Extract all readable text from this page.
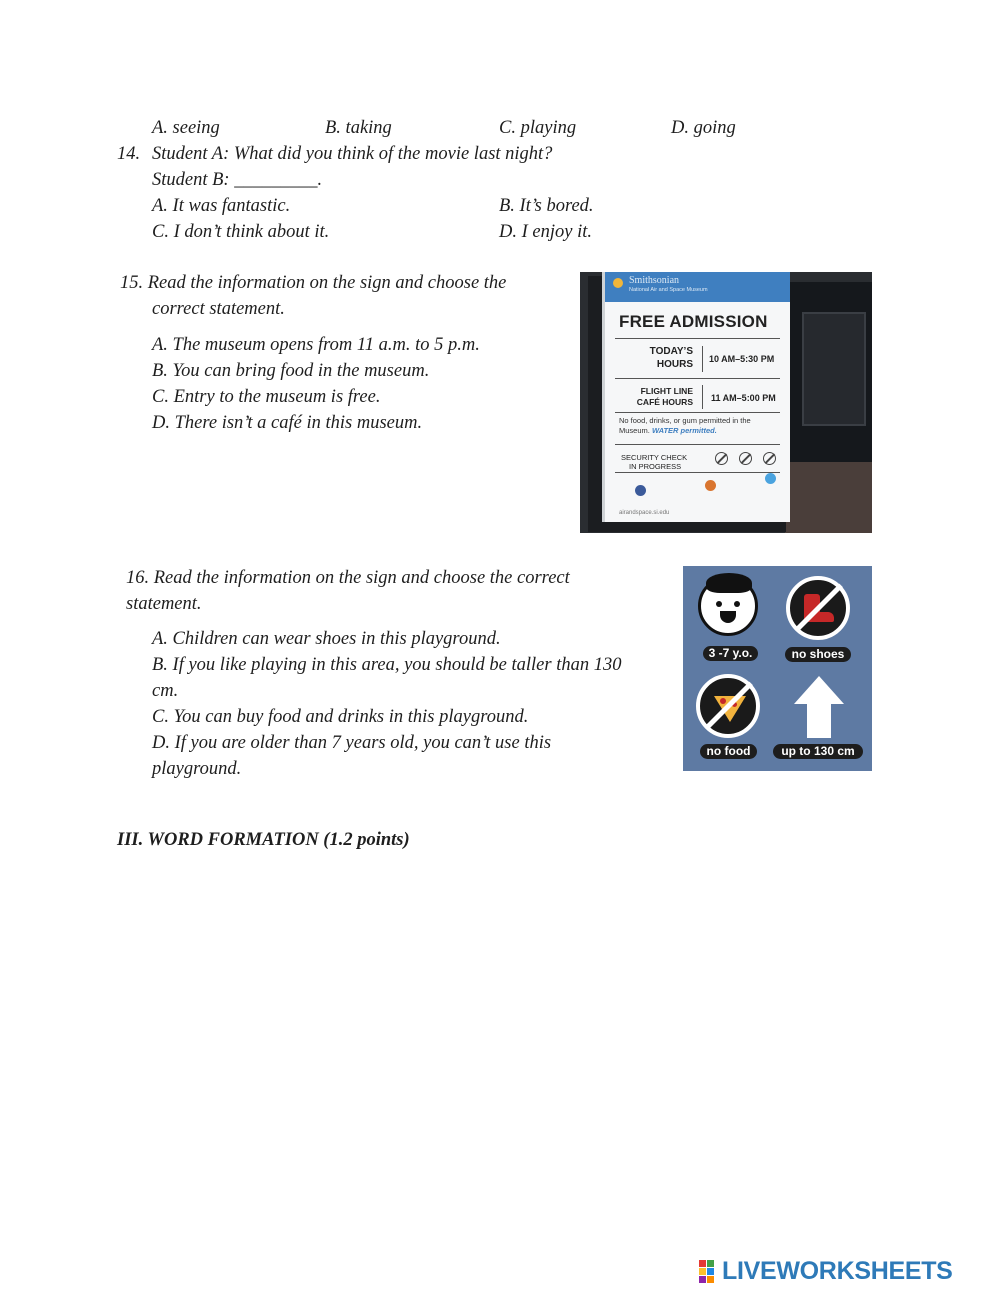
A. seeing	B. taking	C. playing	D. going
14. Student A: What did you think of the movie last night?
Student B: _________.
A. It was fantastic.	B. It’s bored.
C. I don’t think about it.	D. I enjoy it.
15. Read the information on the sign and choose the
correct statement.
A. The museum opens from 11 a.m. to 5 p.m.
B. You can bring food in the museum.
C. Entry to the museum is free.
D. There isn’t a café in this museum.
Smithsonian
National Air and Space Museum
FREE ADMISSION
TODAY’S
HOURS 10 AM–5:30 PM
FLIGHT LINE
CAFÉ HOURS 11 AM–5:00 PM
No food, drinks, or gum permitted in the Museum. WATER permitted.
SECURITY CHECK
IN PROGRESS
airandspace.si.edu
16. Read the information on the sign and choose the correct
statement.
A. Children can wear shoes in this playground.
B. If you like playing in this area, you should be taller than 130
cm.
C. You can buy food and drinks in this playground.
D. If you are older than 7 years old, you can’t use this
playground.
3 -7 y.o.	no shoes
no food	up to 130 cm
III. WORD FORMATION (1.2 points)
LIVEWORKSHEETS
